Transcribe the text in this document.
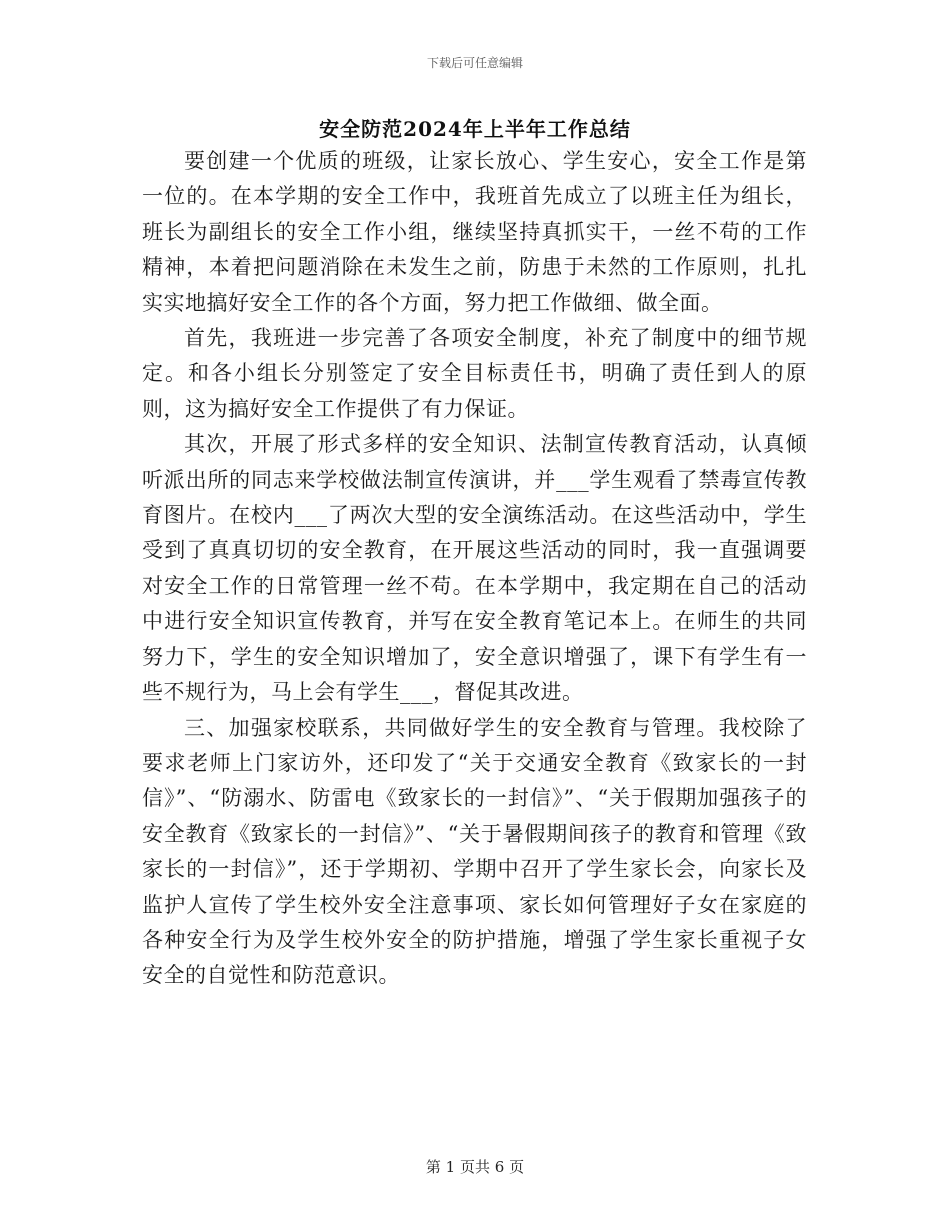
下载后可任意编辑
安全防范2024年上半年工作总结

要创建一个优质的班级，让家长放心、学生安心，安全工作是第一位的。在本学期的安全工作中，我班首先成立了以班主任为组长，班长为副组长的安全工作小组，继续坚持真抓实干，一丝不苟的工作精神，本着把问题消除在未发生之前，防患于未然的工作原则，扎扎实实地搞好安全工作的各个方面，努力把工作做细、做全面。

首先，我班进一步完善了各项安全制度，补充了制度中的细节规定。和各小组长分别签定了安全目标责任书，明确了责任到人的原则，这为搞好安全工作提供了有力保证。

其次，开展了形式多样的安全知识、法制宣传教育活动，认真倾听派出所的同志来学校做法制宣传演讲，并___学生观看了禁毒宣传教育图片。在校内___了两次大型的安全演练活动。在这些活动中，学生受到了真真切切的安全教育，在开展这些活动的同时，我一直强调要对安全工作的日常管理一丝不苟。在本学期中，我定期在自己的活动中进行安全知识宣传教育，并写在安全教育笔记本上。在师生的共同努力下，学生的安全知识增加了，安全意识增强了，课下有学生有一些不规行为，马上会有学生___，督促其改进。

三、加强家校联系，共同做好学生的安全教育与管理。我校除了要求老师上门家访外，还印发了“关于交通安全教育《致家长的一封信》”、“防溺水、防雷电《致家长的一封信》”、“关于假期加强孩子的安全教育《致家长的一封信》”、“关于暑假期间孩子的教育和管理《致家长的一封信》”，还于学期初、学期中召开了学生家长会，向家长及监护人宣传了学生校外安全注意事项、家长如何管理好子女在家庭的各种安全行为及学生校外安全的防护措施，增强了学生家长重视子女安全的自觉性和防范意识。

第 1 页共 6 页
